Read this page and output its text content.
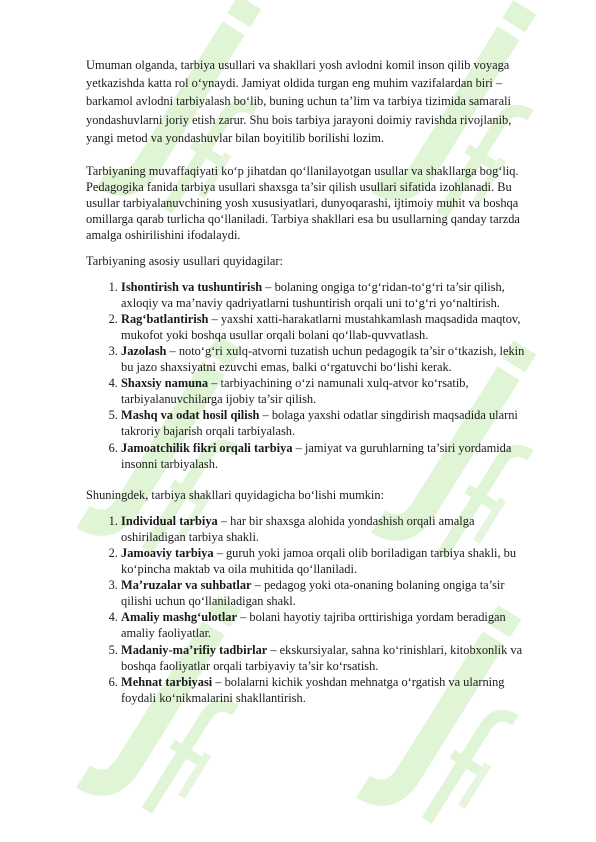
Umuman olganda, tarbiya usullari va shakllari yosh avlodni komil inson qilib voyaga yetkazishda katta rol o‘ynaydi. Jamiyat oldida turgan eng muhim vazifalardan biri – barkamol avlodni tarbiyalash bo‘lib, buning uchun ta’lim va tarbiya tizimida samarali yondashuvlarni joriy etish zarur. Shu bois tarbiya jarayoni doimiy ravishda rivojlanib, yangi metod va yondashuvlar bilan boyitilib borilishi lozim.

Tarbiyaning muvaffaqiyati ko‘p jihatdan qo‘llanilayotgan usullar va shakllarga bog‘liq. Pedagogika fanida tarbiya usullari shaxsga ta’sir qilish usullari sifatida izohlanadi. Bu usullar tarbiyalanuvchining yosh xususiyatlari, dunyoqarashi, ijtimoiy muhit va boshqa omillarga qarab turlicha qo‘llaniladi. Tarbiya shakllari esa bu usullarning qanday tarzda amalga oshirilishini ifodalaydi.

Tarbiyaning asosiy usullari quyidagilar:

1. Ishontirish va tushuntirish – bolaning ongiga to‘g‘ridan-to‘g‘ri ta’sir qilish, axloqiy va ma’naviy qadriyatlarni tushuntirish orqali uni to‘g‘ri yo‘naltirish.
2. Rag‘batlantirish – yaxshi xatti-harakatlarni mustahkamlash maqsadida maqtov, mukofot yoki boshqa usullar orqali bolani qo‘llab-quvvatlash.
3. Jazolash – noto‘g‘ri xulq-atvorni tuzatish uchun pedagogik ta’sir o‘tkazish, lekin bu jazo shaxsiyatni ezuvchi emas, balki o‘rgatuvchi bo‘lishi kerak.
4. Shaxsiy namuna – tarbiyachining o‘zi namunali xulq-atvor ko‘rsatib, tarbiyalanuvchilarga ijobiy ta’sir qilish.
5. Mashq va odat hosil qilish – bolaga yaxshi odatlar singdirish maqsadida ularni takroriy bajarish orqali tarbiyalash.
6. Jamoatchilik fikri orqali tarbiya – jamiyat va guruhlarning ta’siri yordamida insonni tarbiyalash.

Shuningdek, tarbiya shakllari quyidagicha bo‘lishi mumkin:

1. Individual tarbiya – har bir shaxsga alohida yondashish orqali amalga oshiriladigan tarbiya shakli.
2. Jamoaviy tarbiya – guruh yoki jamoa orqali olib boriladigan tarbiya shakli, bu ko‘pincha maktab va oila muhitida qo‘llaniladi.
3. Ma’ruzalar va suhbatlar – pedagog yoki ota-onaning bolaning ongiga ta’sir qilishi uchun qo‘llaniladigan shakl.
4. Amaliy mashg‘ulotlar – bolani hayotiy tajriba orttirishiga yordam beradigan amaliy faoliyatlar.
5. Madaniy-ma’rifiy tadbirlar – ekskursiyalar, sahna ko‘rinishlari, kitobxonlik va boshqa faoliyatlar orqali tarbiyaviy ta’sir ko‘rsatish.
6. Mehnat tarbiyasi – bolalarni kichik yoshdan mehnatga o‘rgatish va ularning foydali ko‘nikmalarini shakllantirish.
